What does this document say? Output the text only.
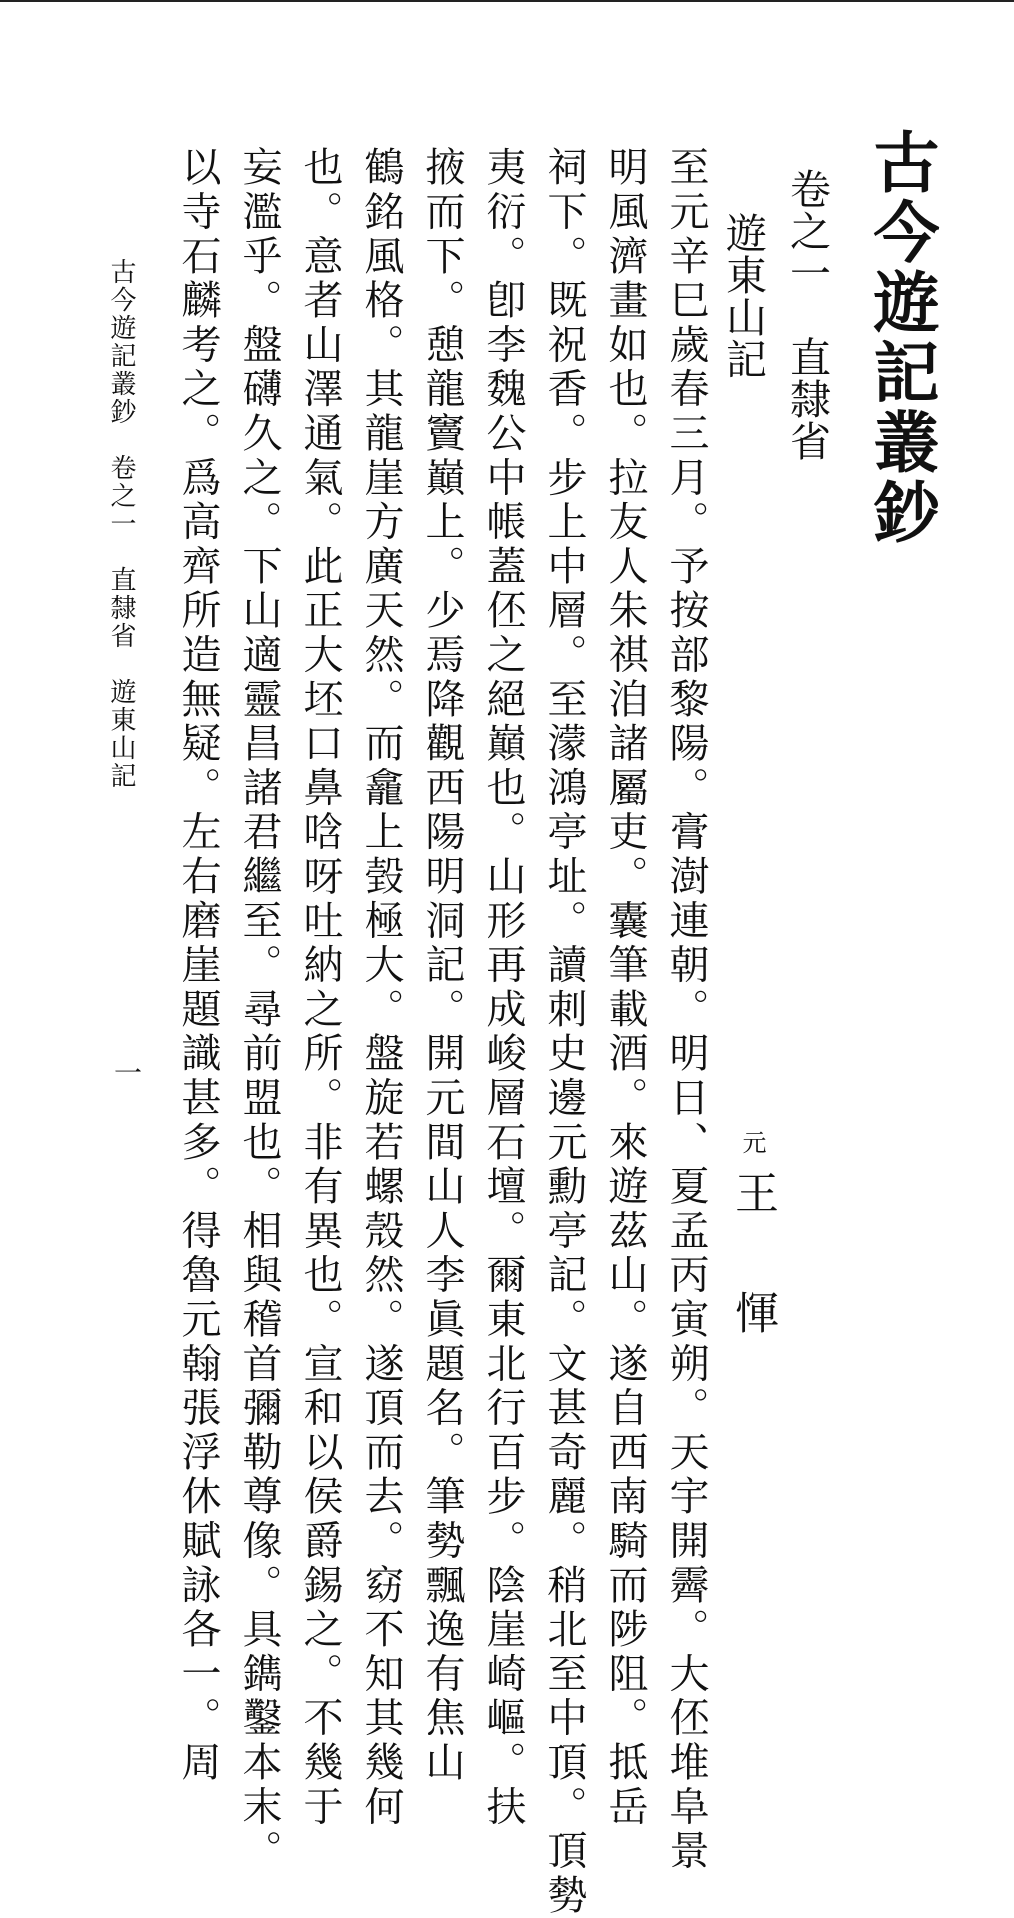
古今遊記叢鈔
卷之一　直隸省
遊東山記
元
王　惲
至元辛巳歲春三月。予按部黎陽。膏澍連朝。明日、夏孟丙寅朔。天宇開霽。大伾堆阜景
明風濟畫如也。拉友人朱祺洎諸屬吏。囊筆載酒。來遊茲山。遂自西南騎而陟阻。抵岳
祠下。既祝香。步上中層。至濛鴻亭址。讀刺史邊元勳亭記。文甚奇麗。稍北至中頂。頂勢
夷衍。卽李魏公中帳蓋伾之絕巔也。山形再成峻層石壇。爾東北行百步。陰崖崎嶇。扶
掖而下。憩龍竇巔上。少焉降觀西陽明洞記。開元間山人李眞題名。筆勢飄逸有焦山
鶴銘風格。其龍崖方廣天然。而龕上㲄極大。盤旋若螺殼然。遂頂而去。窈不知其幾何
也。意者山澤通氣。此正大坯口鼻唅呀吐納之所。非有異也。宣和以侯爵錫之。不幾于
妄濫乎。盤礴久之。下山適靈昌諸君繼至。尋前盟也。相與稽首彌勒尊像。具鐫鑿本末。
以寺石麟考之。爲高齊所造無疑。左右磨崖題識甚多。得魯元翰張浮休賦詠各一。周
古今遊記叢鈔　卷之一　直隸省　遊東山記
一
